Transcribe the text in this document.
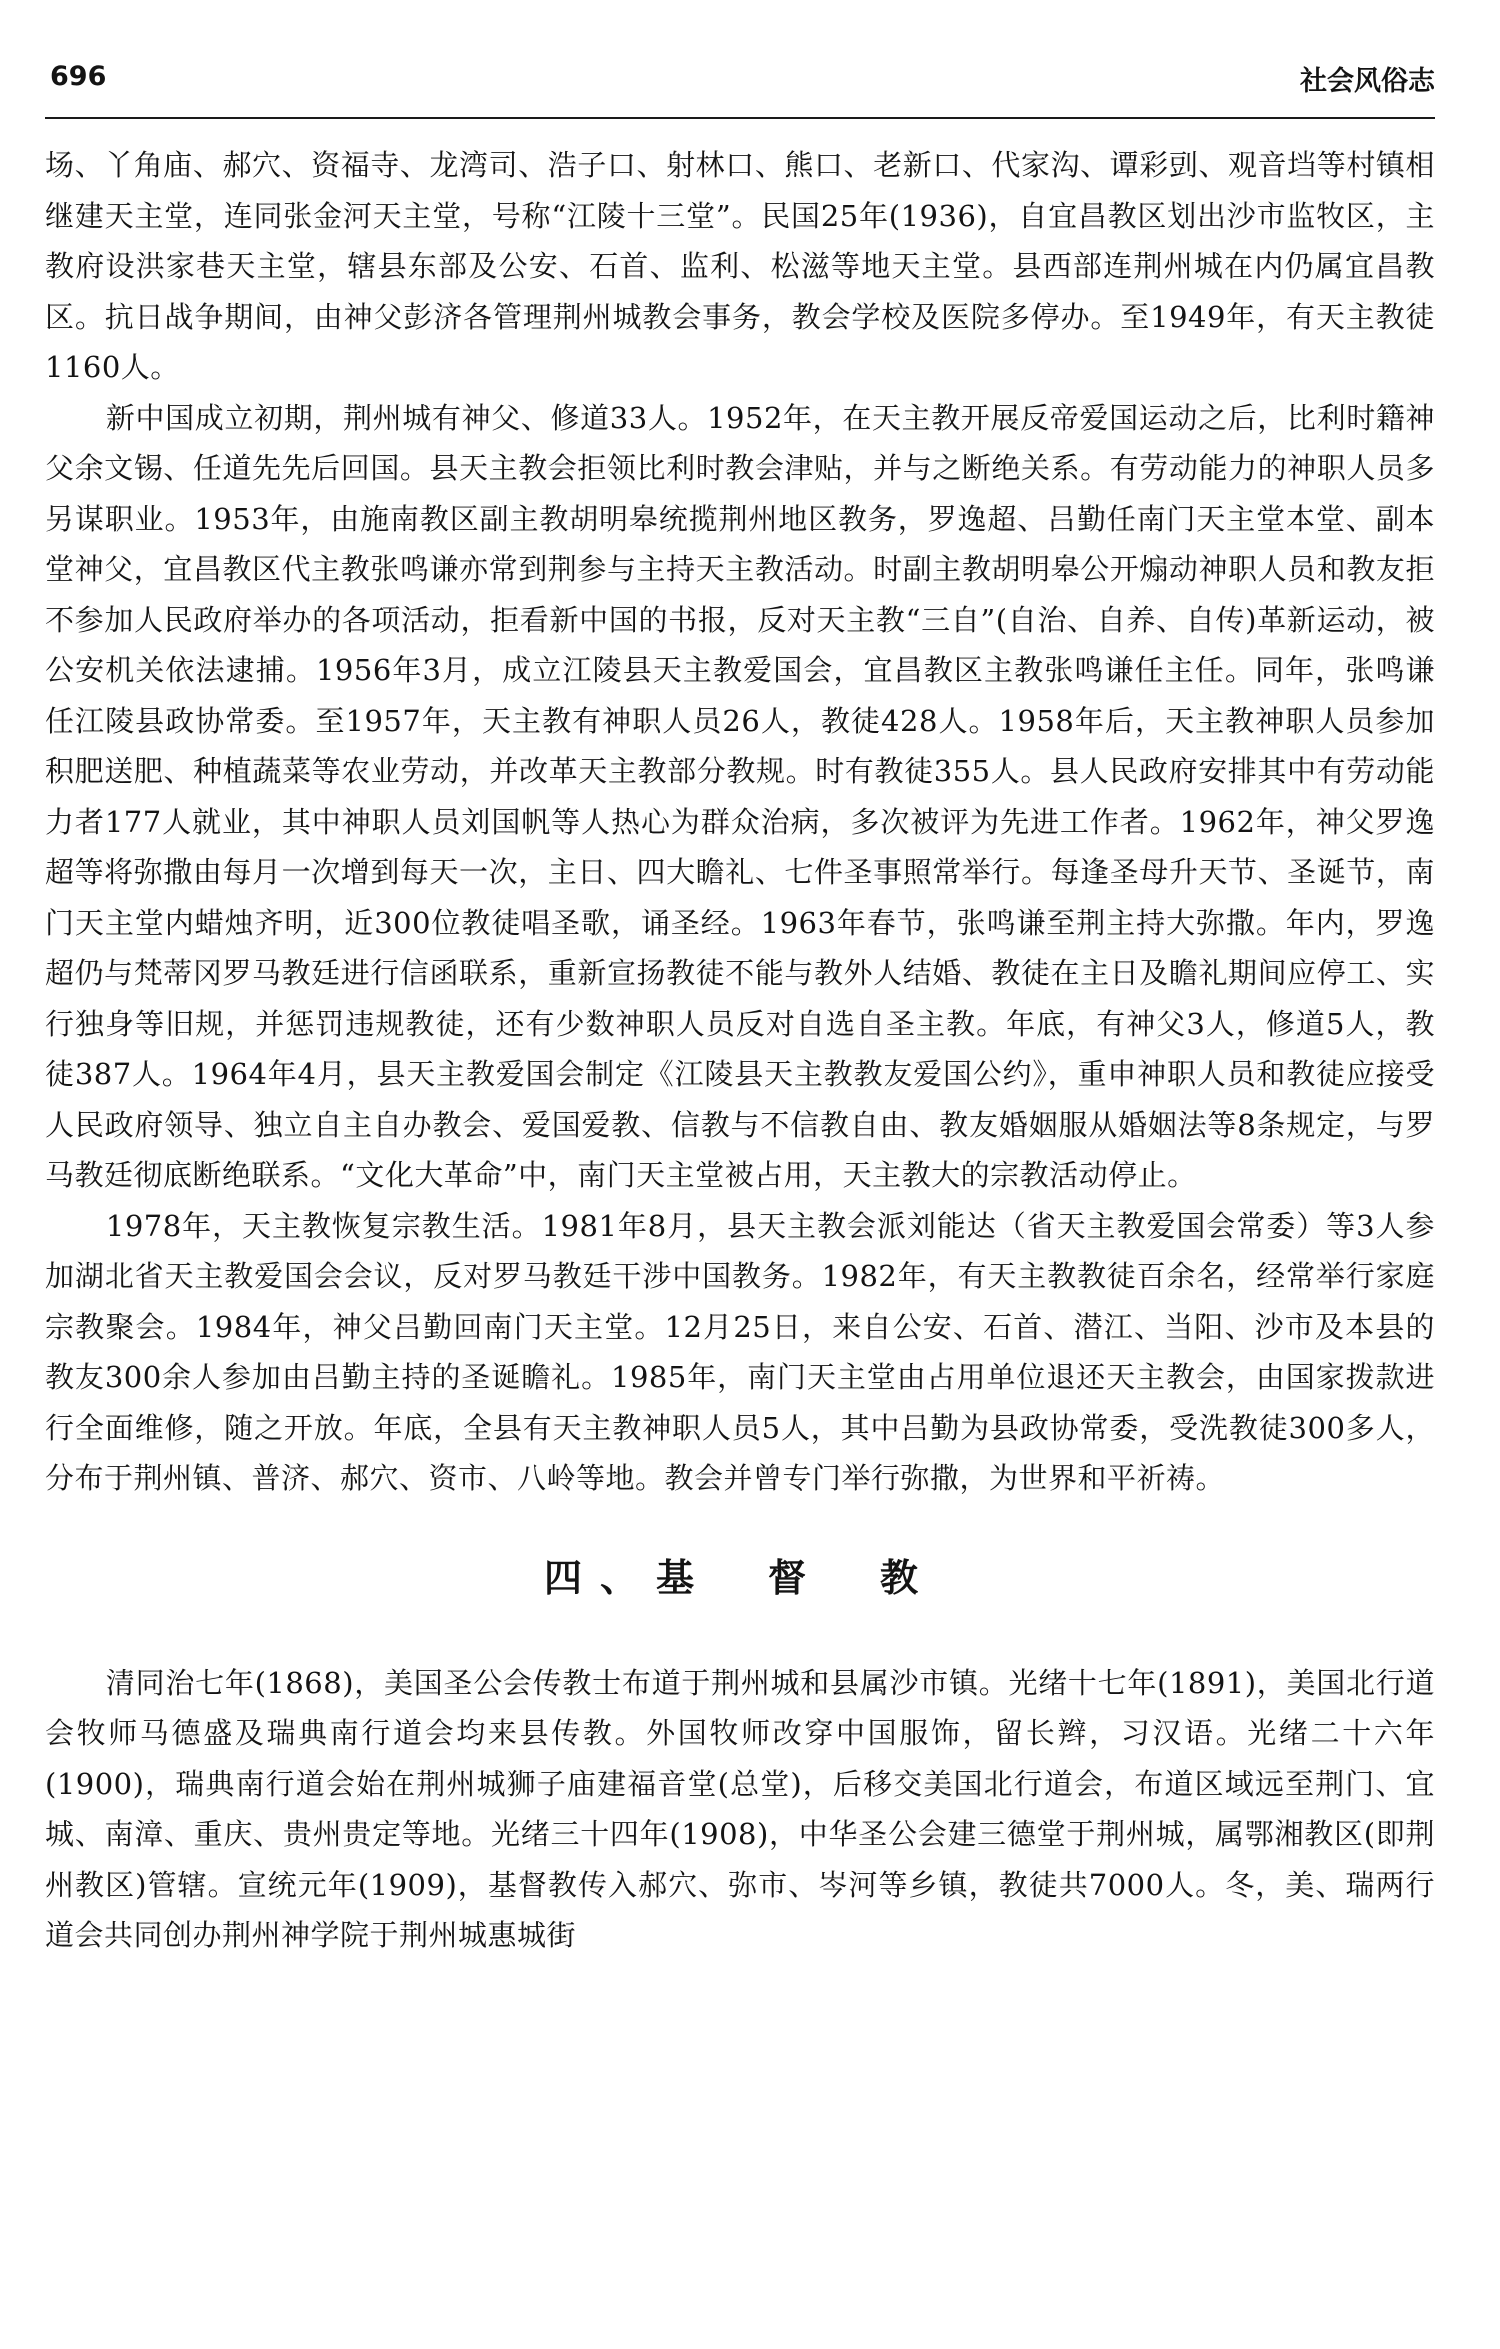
696	社会风俗志

场、丫角庙、郝穴、资福寺、龙湾司、浩子口、射林口、熊口、老新口、代家沟、谭彩剅、观音垱等村镇相继建天主堂，连同张金河天主堂，号称“江陵十三堂”。民国25年(1936)，自宜昌教区划出沙市监牧区，主教府设洪家巷天主堂，辖县东部及公安、石首、监利、松滋等地天主堂。县西部连荆州城在内仍属宜昌教区。抗日战争期间，由神父彭济各管理荆州城教会事务，教会学校及医院多停办。至1949年，有天主教徒1160人。

新中国成立初期，荆州城有神父、修道33人。1952年，在天主教开展反帝爱国运动之后，比利时籍神父余文锡、任道先先后回国。县天主教会拒领比利时教会津贴，并与之断绝关系。有劳动能力的神职人员多另谋职业。1953年，由施南教区副主教胡明皋统揽荆州地区教务，罗逸超、吕勤任南门天主堂本堂、副本堂神父，宜昌教区代主教张鸣谦亦常到荆参与主持天主教活动。时副主教胡明皋公开煽动神职人员和教友拒不参加人民政府举办的各项活动，拒看新中国的书报，反对天主教“三自”(自治、自养、自传)革新运动，被公安机关依法逮捕。1956年3月，成立江陵县天主教爱国会，宜昌教区主教张鸣谦任主任。同年，张鸣谦任江陵县政协常委。至1957年，天主教有神职人员26人，教徒428人。1958年后，天主教神职人员参加积肥送肥、种植蔬菜等农业劳动，并改革天主教部分教规。时有教徒355人。县人民政府安排其中有劳动能力者177人就业，其中神职人员刘国帆等人热心为群众治病，多次被评为先进工作者。1962年，神父罗逸超等将弥撒由每月一次增到每天一次，主日、四大瞻礼、七件圣事照常举行。每逢圣母升天节、圣诞节，南门天主堂内蜡烛齐明，近300位教徒唱圣歌，诵圣经。1963年春节，张鸣谦至荆主持大弥撒。年内，罗逸超仍与梵蒂冈罗马教廷进行信函联系，重新宣扬教徒不能与教外人结婚、教徒在主日及瞻礼期间应停工、实行独身等旧规，并惩罚违规教徒，还有少数神职人员反对自选自圣主教。年底，有神父3人，修道5人，教徒387人。1964年4月，县天主教爱国会制定《江陵县天主教教友爱国公约》，重申神职人员和教徒应接受人民政府领导、独立自主自办教会、爱国爱教、信教与不信教自由、教友婚姻服从婚姻法等8条规定，与罗马教廷彻底断绝联系。“文化大革命”中，南门天主堂被占用，天主教大的宗教活动停止。

1978年，天主教恢复宗教生活。1981年8月，县天主教会派刘能达（省天主教爱国会常委）等3人参加湖北省天主教爱国会会议，反对罗马教廷干涉中国教务。1982年，有天主教教徒百余名，经常举行家庭宗教聚会。1984年，神父吕勤回南门天主堂。12月25日，来自公安、石首、潜江、当阳、沙市及本县的教友300余人参加由吕勤主持的圣诞瞻礼。1985年，南门天主堂由占用单位退还天主教会，由国家拨款进行全面维修，随之开放。年底，全县有天主教神职人员5人，其中吕勤为县政协常委，受洗教徒300多人，分布于荆州镇、普济、郝穴、资市、八岭等地。教会并曾专门举行弥撒，为世界和平祈祷。

四、基　督　教

清同治七年(1868)，美国圣公会传教士布道于荆州城和县属沙市镇。光绪十七年(1891)，美国北行道会牧师马德盛及瑞典南行道会均来县传教。外国牧师改穿中国服饰，留长辫，习汉语。光绪二十六年(1900)，瑞典南行道会始在荆州城狮子庙建福音堂(总堂)，后移交美国北行道会，布道区域远至荆门、宜城、南漳、重庆、贵州贵定等地。光绪三十四年(1908)，中华圣公会建三德堂于荆州城，属鄂湘教区(即荆州教区)管辖。宣统元年(1909)，基督教传入郝穴、弥市、岑河等乡镇，教徒共7000人。冬，美、瑞两行道会共同创办荆州神学院于荆州城惠城街
